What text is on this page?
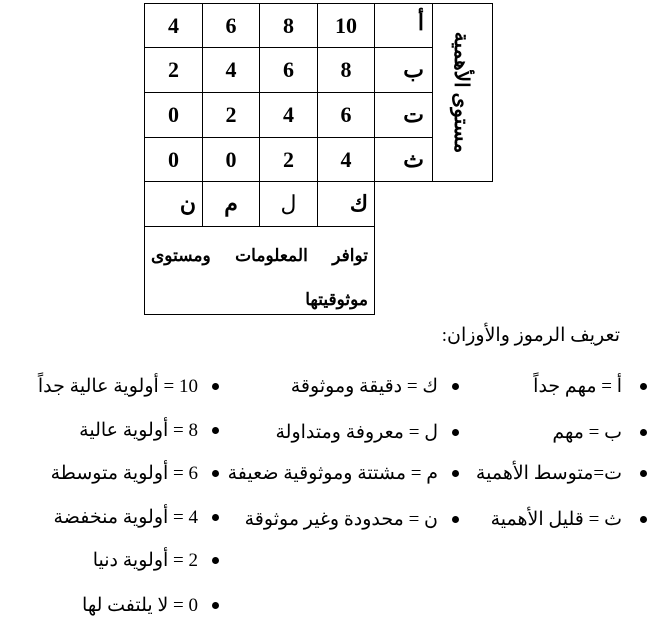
مستوى الأهمية
أ
10
8
6
4
ب
8
6
4
2
ت
6
4
2
0
ث
4
2
0
0
ك
ل
م
ن
توافر المعلومات ومستوى موثوقيتها
تعريف الرموز والأوزان:
أ = مهم جداً
ب = مهم
ت=متوسط الأهمية
ث = قليل الأهمية
ك = دقيقة وموثوقة
ل = معروفة ومتداولة
م = مشتتة وموثوقية ضعيفة
ن = محدودة وغير موثوقة
10 = أولوية عالية جداً
8 = أولوية عالية
6 = أولوية متوسطة
4 = أولوية منخفضة
2 = أولوية دنيا
0 = لا يلتفت لها
